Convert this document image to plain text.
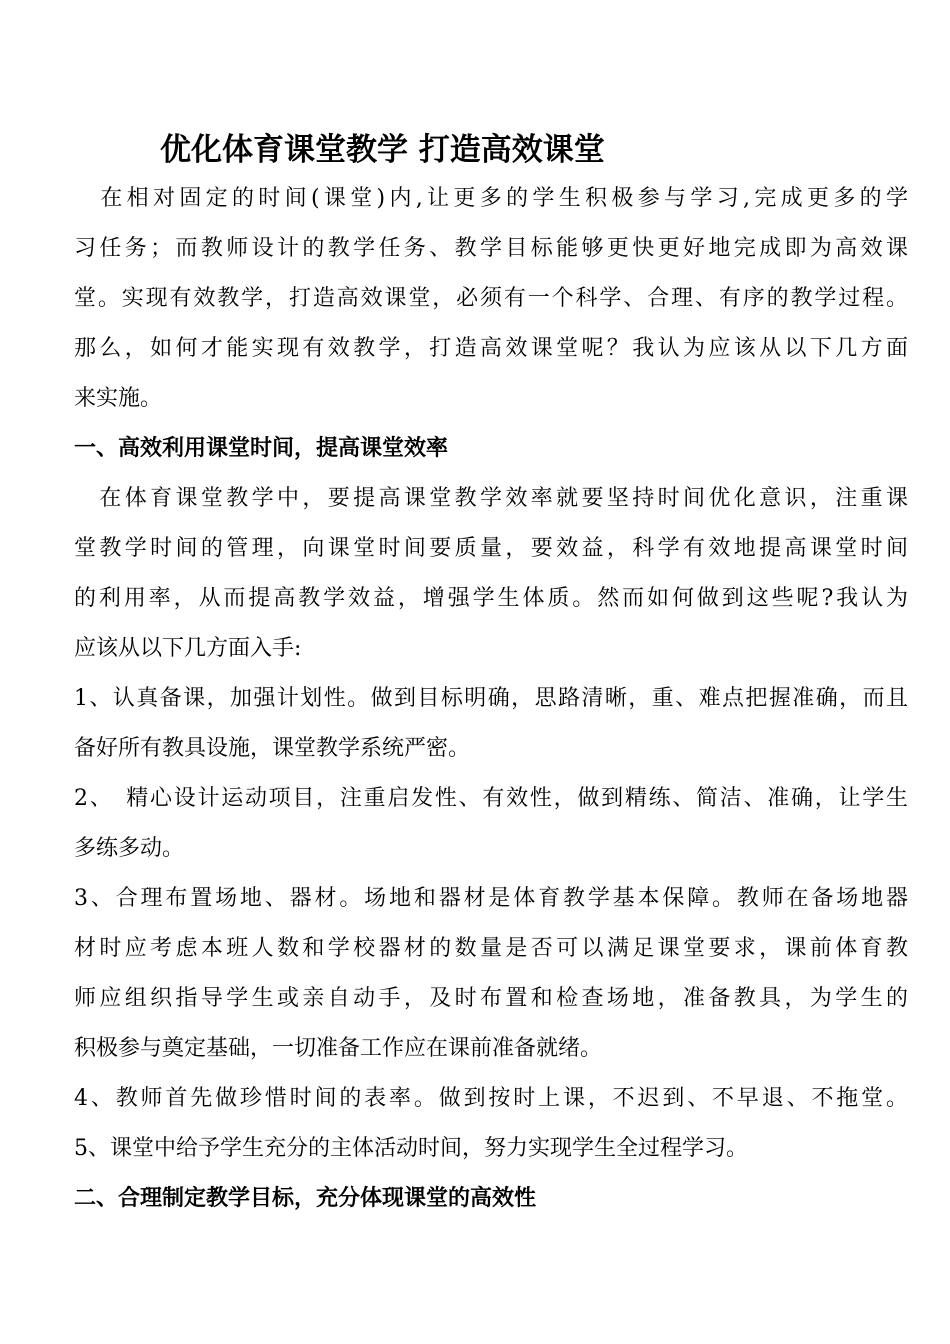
优化体育课堂教学 打造高效课堂
　在相对固定的时间(课堂)内,让更多的学生积极参与学习,完成更多的学
习任务；而教师设计的教学任务、教学目标能够更快更好地完成即为高效课
堂。实现有效教学，打造高效课堂，必须有一个科学、合理、有序的教学过程。
那么，如何才能实现有效教学，打造高效课堂呢？我认为应该从以下几方面
来实施。
一、高效利用课堂时间，提高课堂效率
　在体育课堂教学中，要提高课堂教学效率就要坚持时间优化意识，注重课
堂教学时间的管理，向课堂时间要质量，要效益，科学有效地提高课堂时间
的利用率，从而提高教学效益，增强学生体质。然而如何做到这些呢?我认为
应该从以下几方面入手:
1、认真备课，加强计划性。做到目标明确，思路清晰，重、难点把握准确，而且
备好所有教具设施，课堂教学系统严密。
2、　精心设计运动项目，注重启发性、有效性，做到精练、简洁、准确，让学生
多练多动。
3、合理布置场地、器材。场地和器材是体育教学基本保障。教师在备场地器
材时应考虑本班人数和学校器材的数量是否可以满足课堂要求，课前体育教
师应组织指导学生或亲自动手，及时布置和检查场地，准备教具，为学生的
积极参与奠定基础，一切准备工作应在课前准备就绪。
4、教师首先做珍惜时间的表率。做到按时上课，不迟到、不早退、不拖堂。
5、课堂中给予学生充分的主体活动时间，努力实现学生全过程学习。
二、合理制定教学目标，充分体现课堂的高效性
